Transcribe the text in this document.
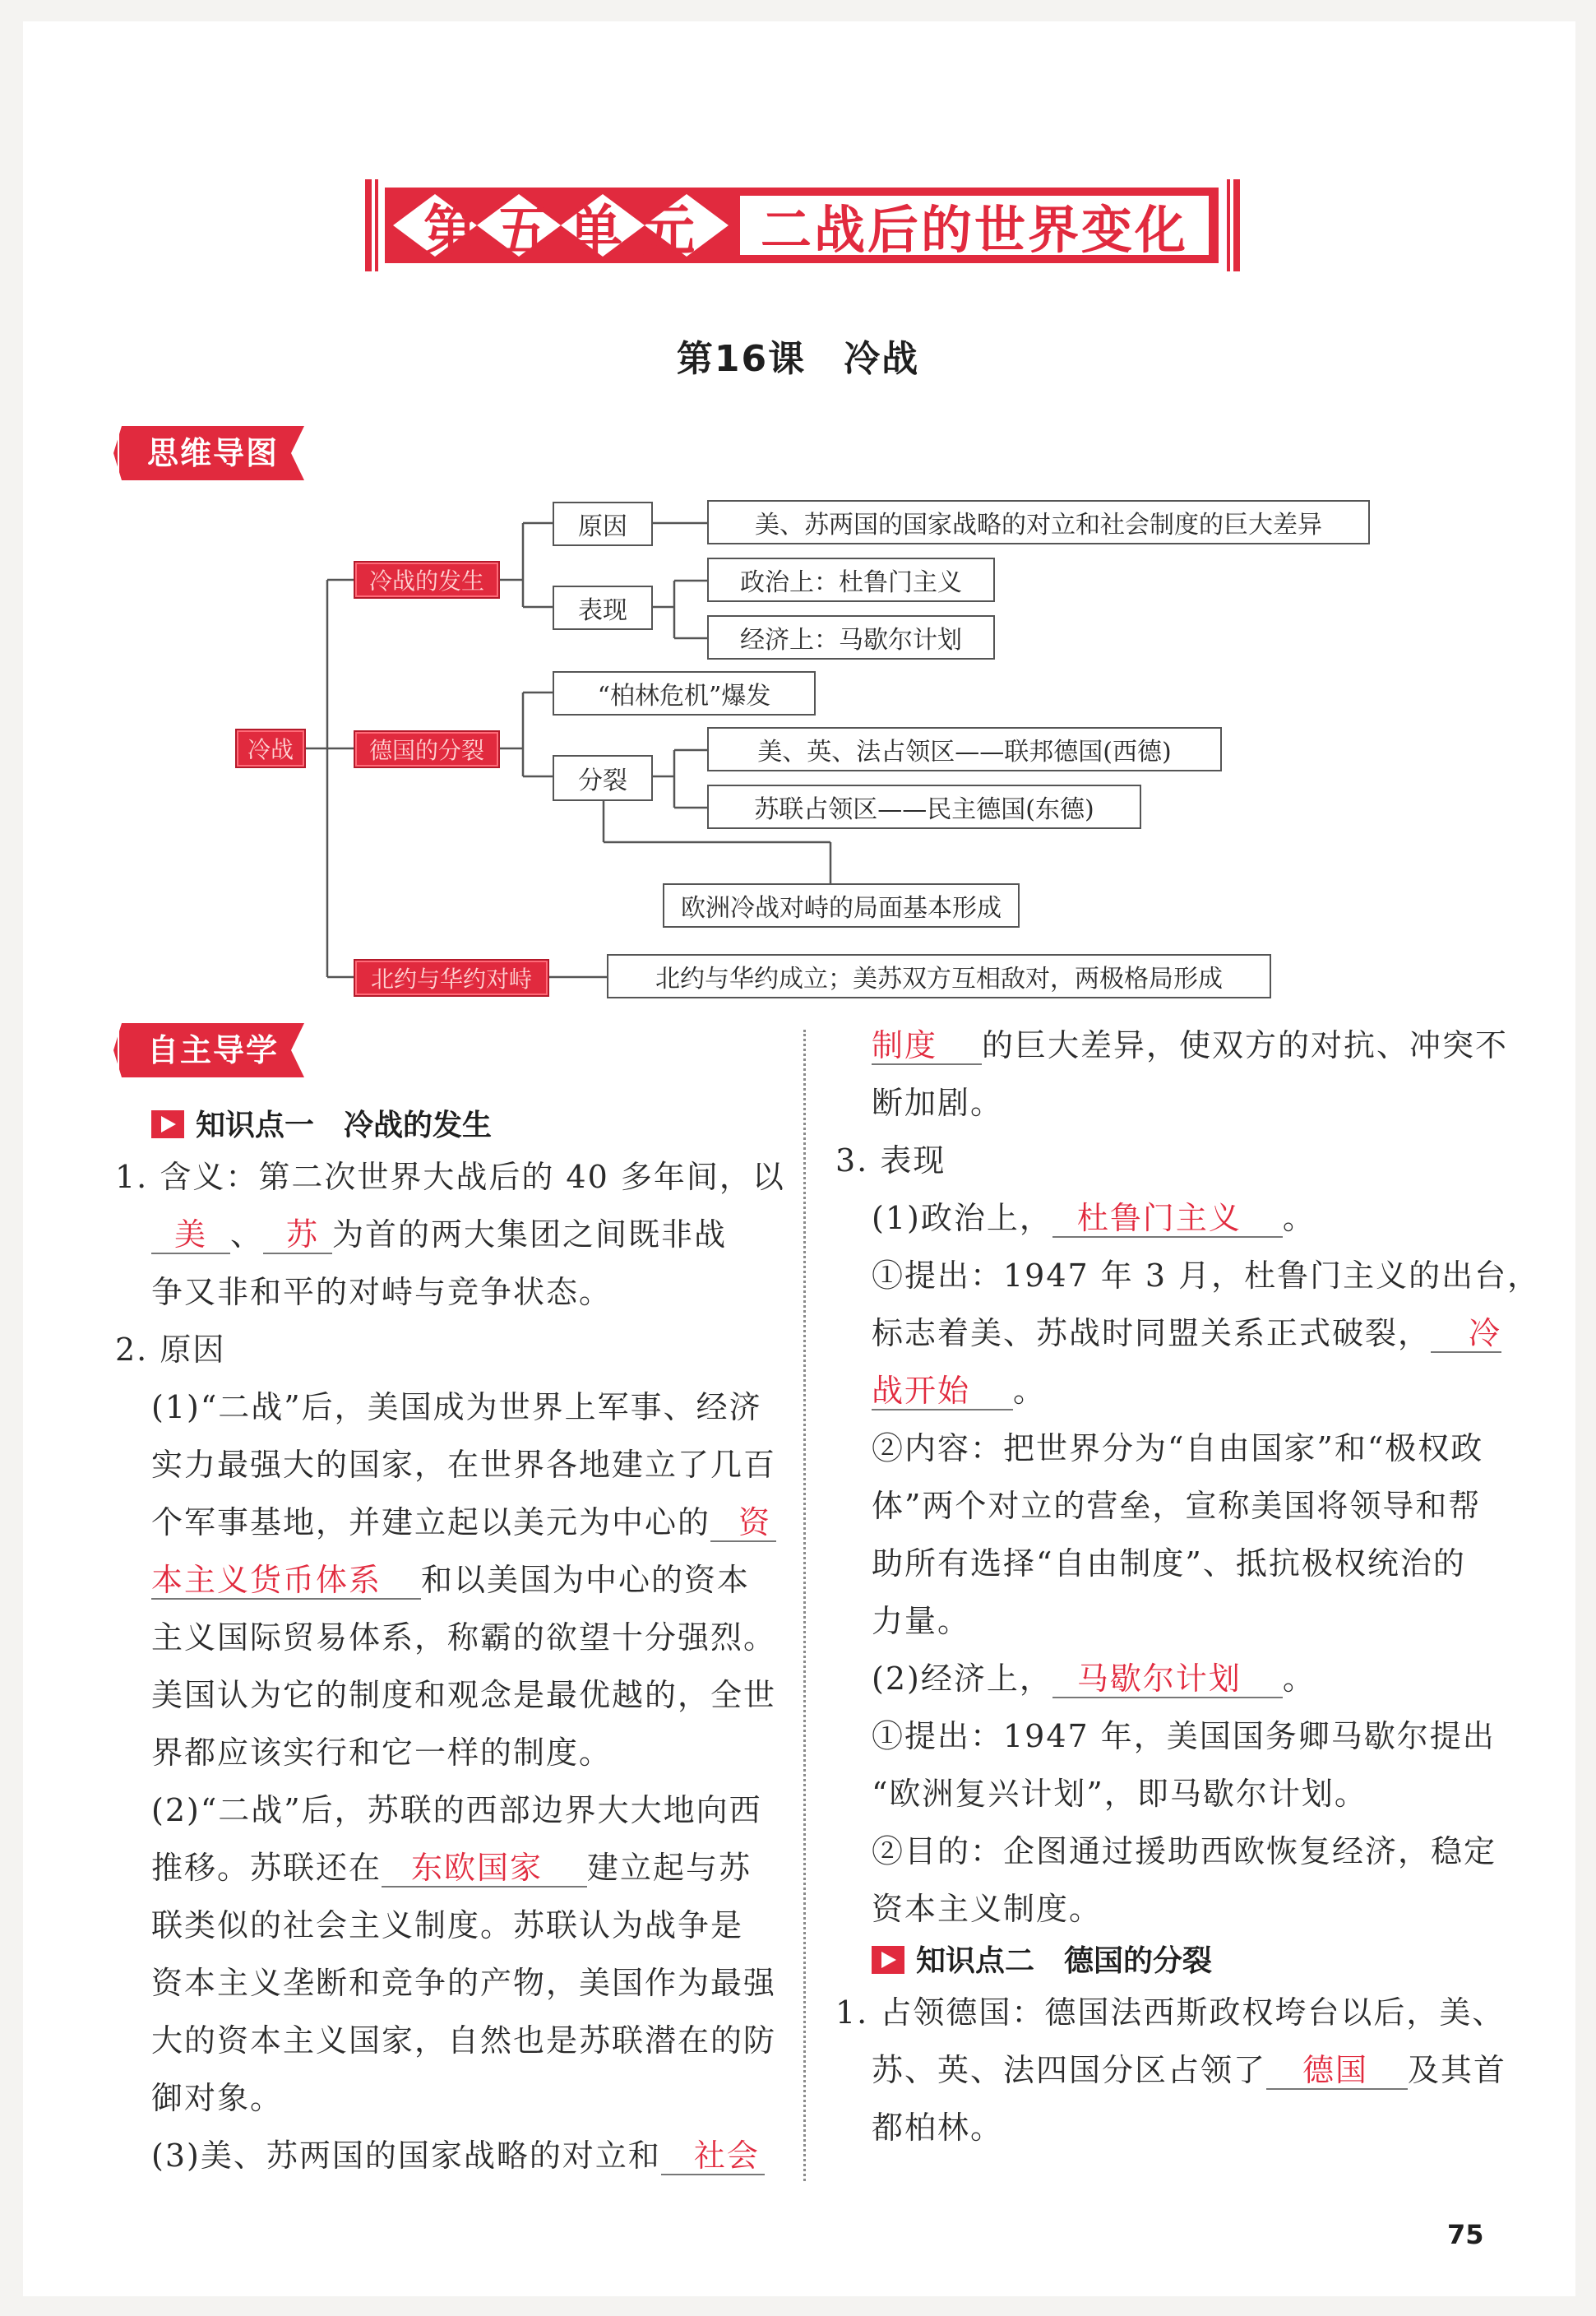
第五单元 二战后的世界变化
第16课　冷战
思维导图
冷战
冷战的发生
德国的分裂
北约与华约对峙
原因	美、苏两国的国家战略的对立和社会制度的巨大差异
表现
政治上：杜鲁门主义
经济上：马歇尔计划
“柏林危机”爆发
分裂
美、英、法占领区——联邦德国(西德)
苏联占领区——民主德国(东德)
欧洲冷战对峙的局面基本形成
北约与华约成立；美苏双方互相敌对，两极格局形成
自主导学
知识点一　冷战的发生
1. 含义：第二次世界大战后的 40 多年间，以
美 、 苏 为首的两大集团之间既非战
争又非和平的对峙与竞争状态。
2. 原因
(1)“二战”后，美国成为世界上军事、经济
实力最强大的国家，在世界各地建立了几百
个军事基地，并建立起以美元为中心的 资
本主义货币体系 和以美国为中心的资本
主义国际贸易体系，称霸的欲望十分强烈。
美国认为它的制度和观念是最优越的，全世
界都应该实行和它一样的制度。
(2)“二战”后，苏联的西部边界大大地向西
推移。苏联还在 东欧国家 建立起与苏
联类似的社会主义制度。苏联认为战争是
资本主义垄断和竞争的产物，美国作为最强
大的资本主义国家，自然也是苏联潜在的防
御对象。
(3)美、苏两国的国家战略的对立和 社会
制度 的巨大差异，使双方的对抗、冲突不
断加剧。
3. 表现
(1)政治上， 杜鲁门主义 。
①提出：1947 年 3 月，杜鲁门主义的出台，
标志着美、苏战时同盟关系正式破裂， 冷
战开始 。
②内容：把世界分为“自由国家”和“极权政
体”两个对立的营垒，宣称美国将领导和帮
助所有选择“自由制度”、抵抗极权统治的
力量。
(2)经济上， 马歇尔计划 。
①提出：1947 年，美国国务卿马歇尔提出
“欧洲复兴计划”，即马歇尔计划。
②目的：企图通过援助西欧恢复经济，稳定
资本主义制度。
知识点二　德国的分裂
1. 占领德国：德国法西斯政权垮台以后，美、
苏、英、法四国分区占领了 德国 及其首
都柏林。
75
